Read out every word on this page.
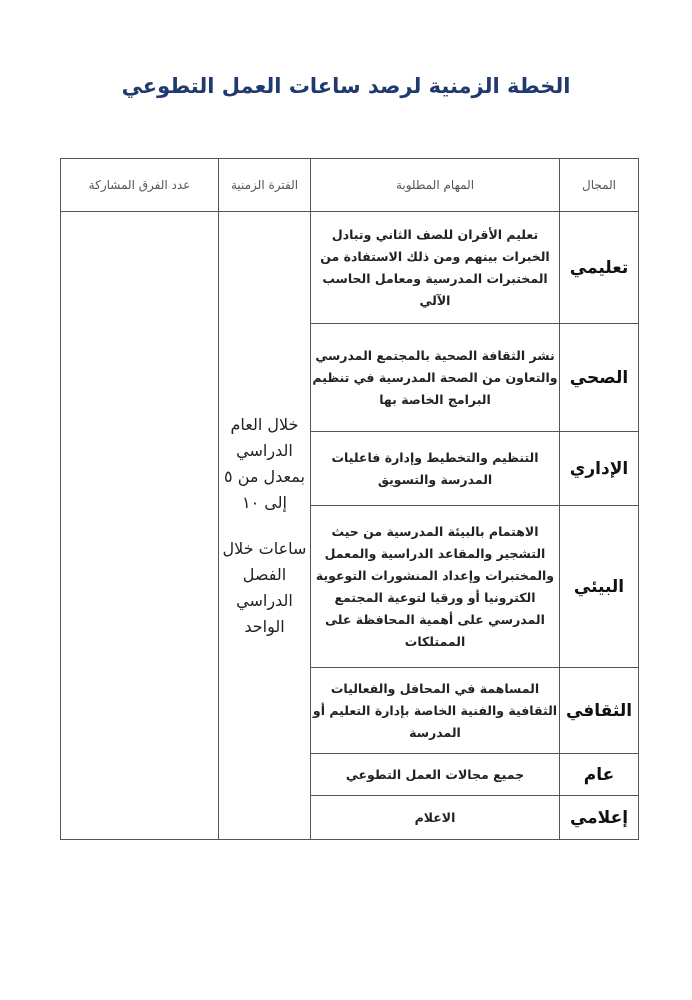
الخطة الزمنية لرصد ساعات العمل التطوعي
المجال	المهام المطلوبة	الفترة الزمنية	عدد الفرق المشاركة
تعليمي	تعليم الأقران للصف الثاني وتبادل الخبرات بينهم ومن ذلك الاستفادة من المختبرات المدرسية ومعامل الحاسب الآلي	خلال العام الدراسي بمعدل من ٥ إلى ١٠
ساعات خلال الفصل الدراسي الواحد	

الصحي	نشر الثقافة الصحية بالمجتمع المدرسي والتعاون من الصحة المدرسية في تنظيم البرامج الخاصة بها		
الإداري	التنظيم والتخطيط وإدارة فاعليات المدرسة والتسويق		
البيئي	الاهتمام بالبيئة المدرسية من حيث التشجير والمقاعد الدراسية والمعمل والمختبرات وإعداد المنشورات التوعوية الكترونيا أو ورقيا لتوعية المجتمع المدرسي على أهمية المحافظة على الممتلكات		
الثقافي	المساهمة في المحافل والفعاليات الثقافية والفنية الخاصة بإدارة التعليم أو المدرسة		
عام	جميع مجالات العمل التطوعي		
إعلامي	الاعلام		
